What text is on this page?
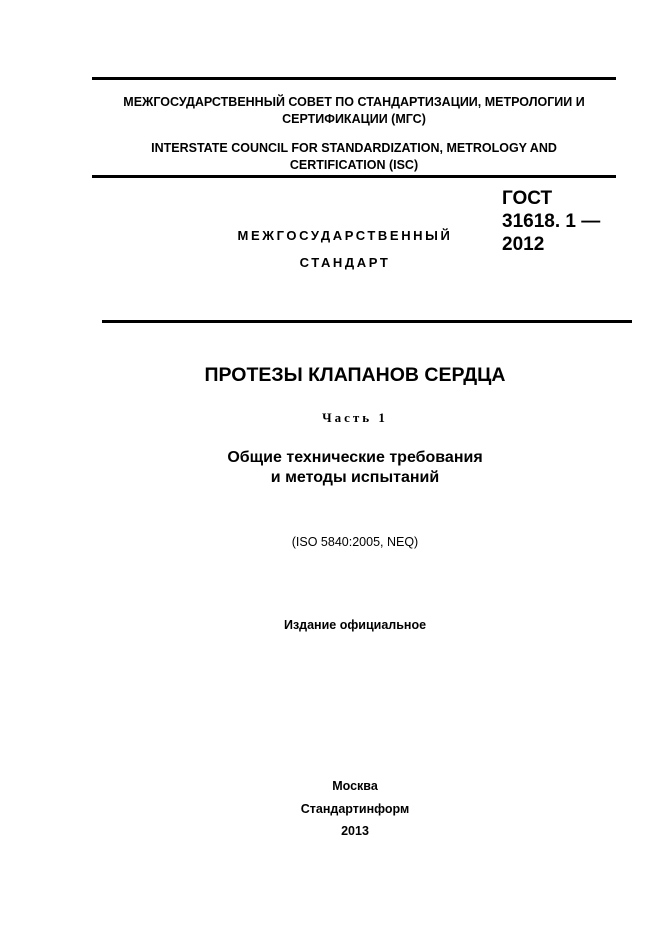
МЕЖГОСУДАРСТВЕННЫЙ СОВЕТ ПО СТАНДАРТИЗАЦИИ, МЕТРОЛОГИИ И
СЕРТИФИКАЦИИ (МГС)
INTERSTATE COUNCIL FOR STANDARDIZATION, METROLOGY AND
CERTIFICATION (ISC)
МЕЖГОСУДАРСТВЕННЫЙ
СТАНДАРТ
ГОСТ
31618. 1 —
2012
ПРОТЕЗЫ КЛАПАНОВ СЕРДЦА
Часть 1
Общие технические требования
и методы испытаний
(ISO 5840:2005, NEQ)
Издание официальное
Москва
Стандартинформ
2013
